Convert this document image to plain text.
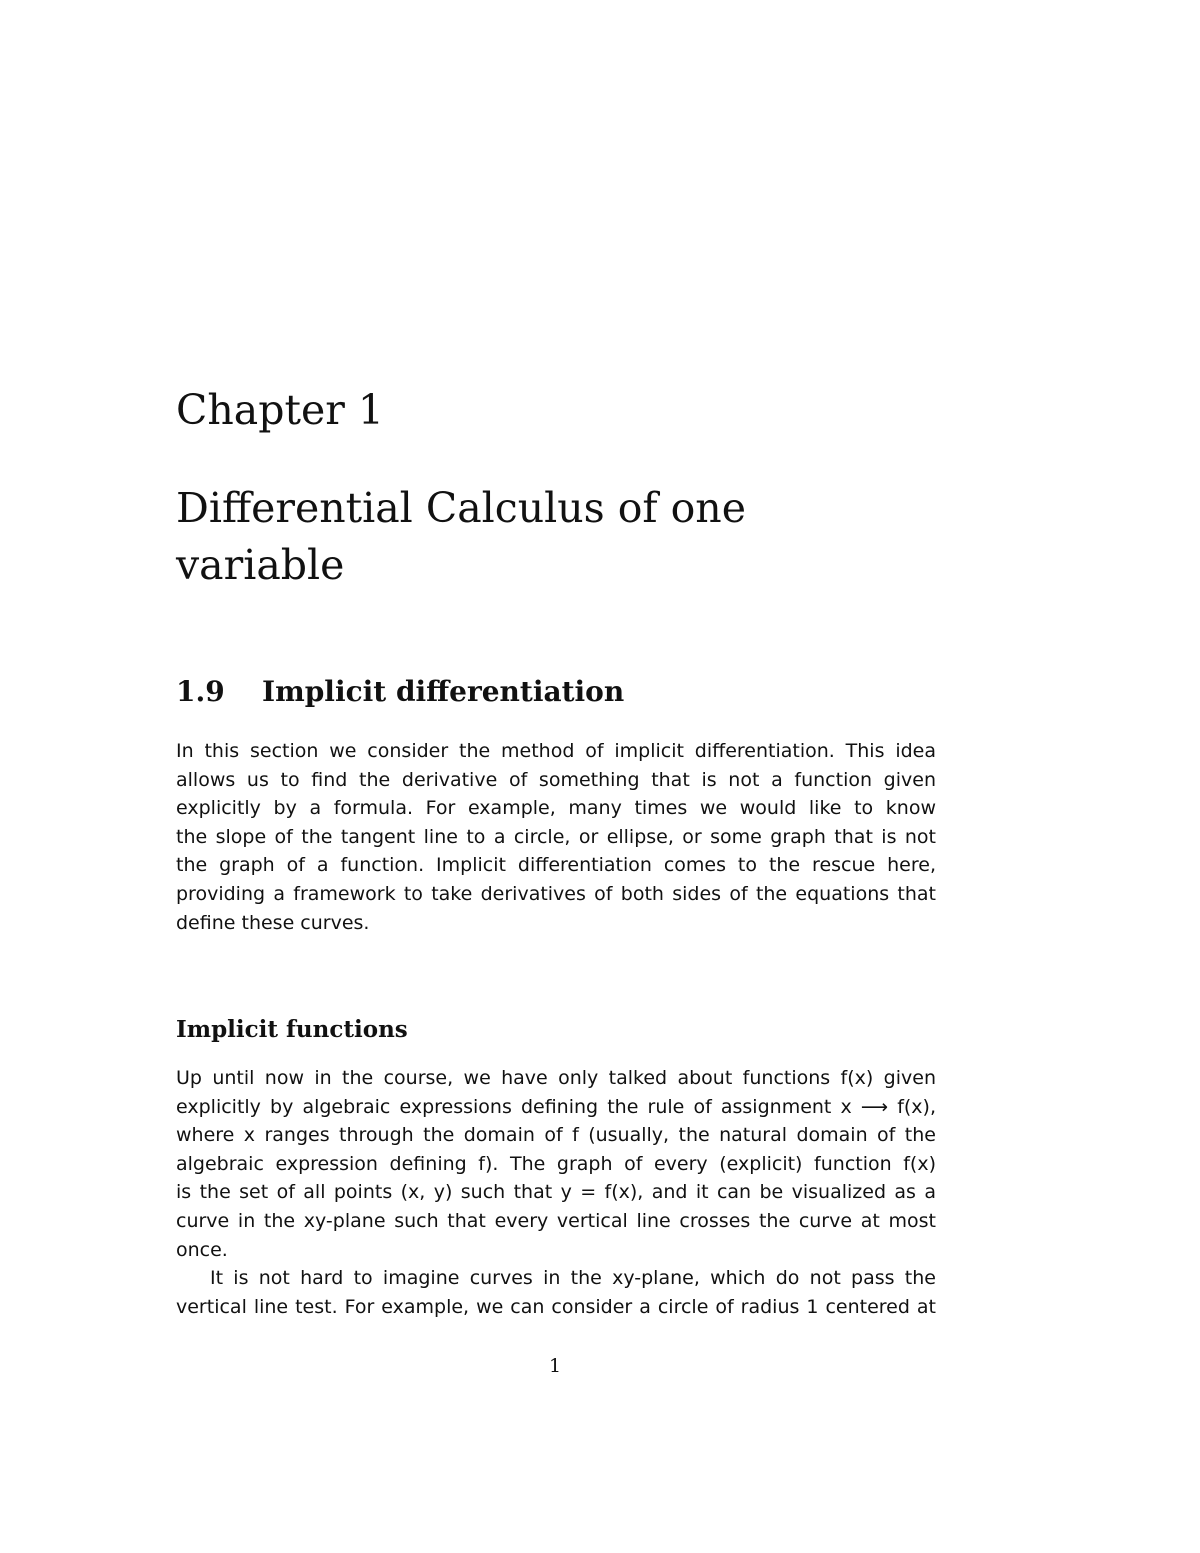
Chapter 1
Differential Calculus of one
variable
1.9 Implicit differentiation
In this section we consider the method of implicit differentiation. This idea
allows us to find the derivative of something that is not a function given
explicitly by a formula. For example, many times we would like to know
the slope of the tangent line to a circle, or ellipse, or some graph that is not
the graph of a function. Implicit differentiation comes to the rescue here,
providing a framework to take derivatives of both sides of the equations that
define these curves.
Implicit functions
Up until now in the course, we have only talked about functions f(x) given
explicitly by algebraic expressions defining the rule of assignment x ⟶ f(x),
where x ranges through the domain of f (usually, the natural domain of the
algebraic expression defining f). The graph of every (explicit) function f(x)
is the set of all points (x, y) such that y = f(x), and it can be visualized as a
curve in the xy-plane such that every vertical line crosses the curve at most
once.
It is not hard to imagine curves in the xy-plane, which do not pass the
vertical line test. For example, we can consider a circle of radius 1 centered at
1
